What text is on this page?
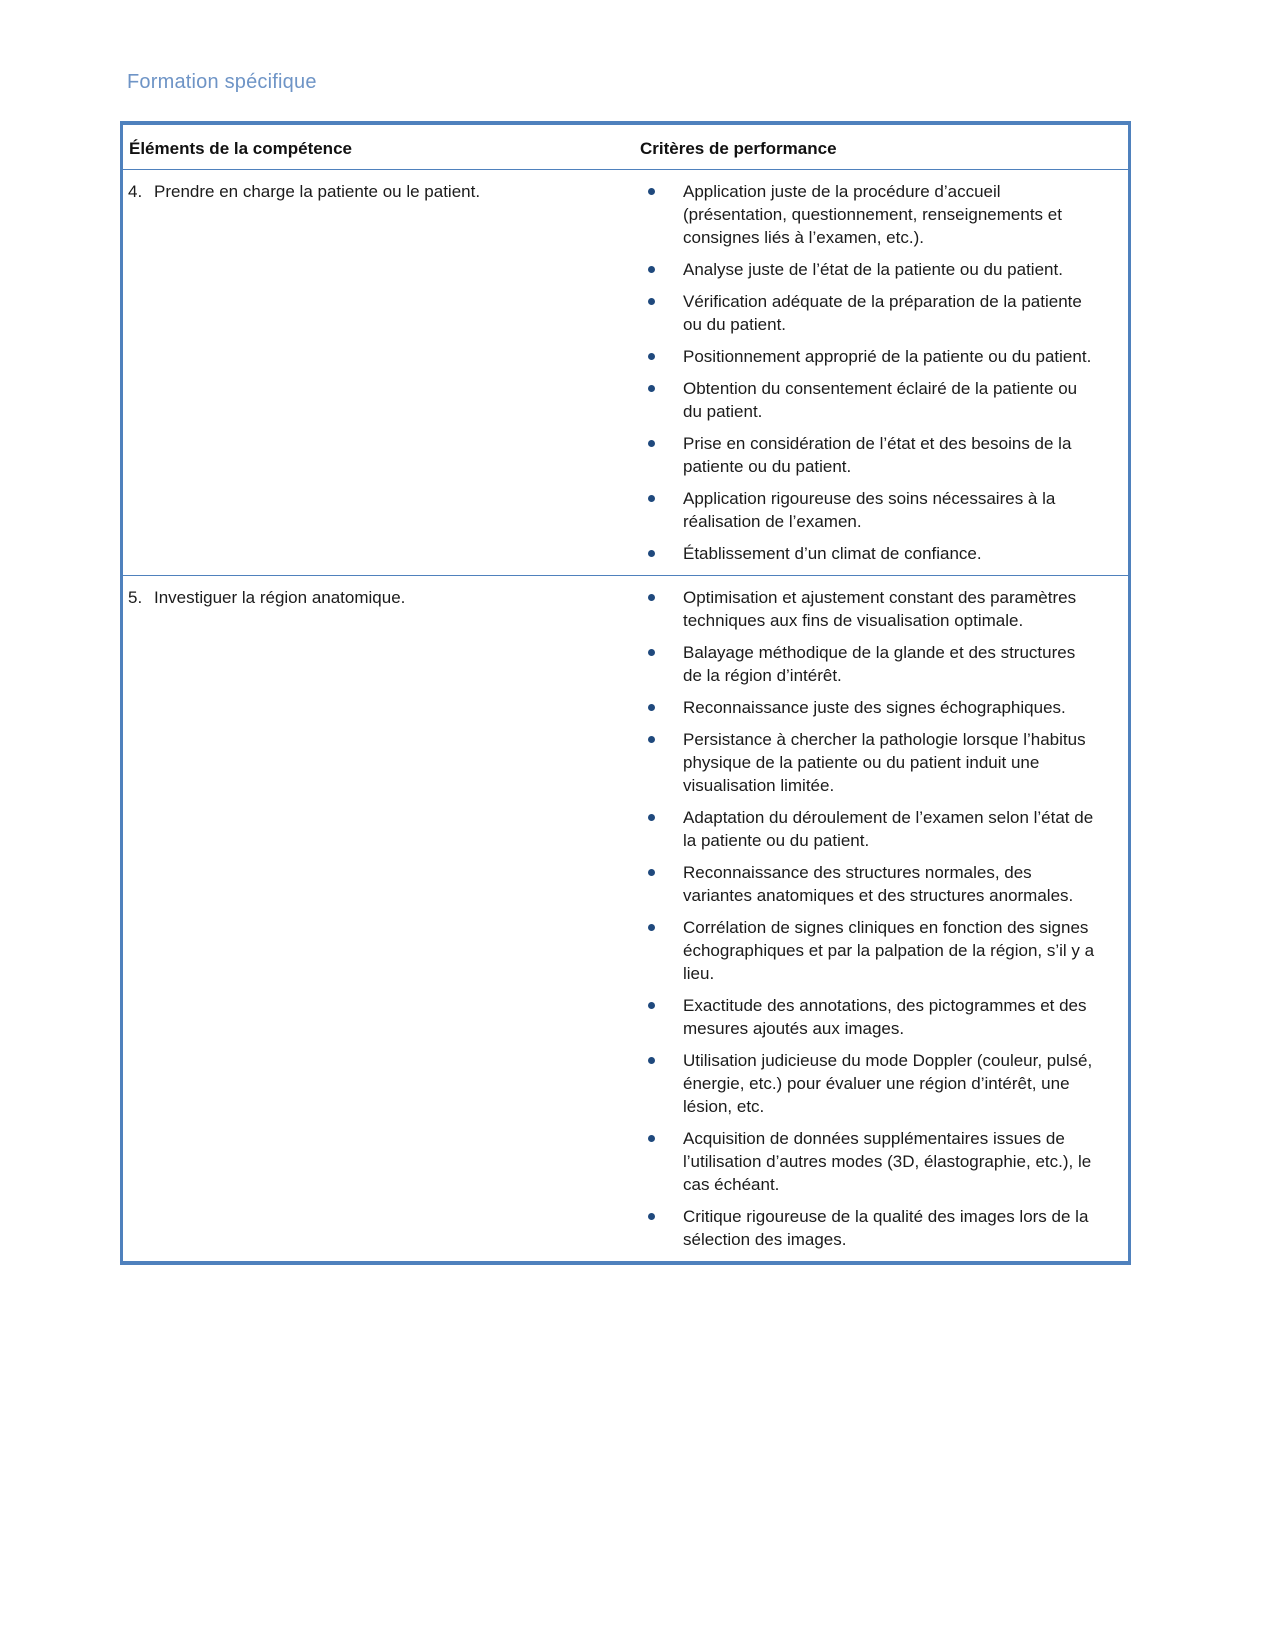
Formation spécifique
Éléments de la compétence	Critères de performance
4. Prendre en charge la patiente ou le patient.	Application juste de la procédure d’accueil (présentation, questionnement, renseignements et consignes liés à l’examen, etc.).
Analyse juste de l’état de la patiente ou du patient.
Vérification adéquate de la préparation de la patiente ou du patient.
Positionnement approprié de la patiente ou du patient.
Obtention du consentement éclairé de la patiente ou du patient.
Prise en considération de l’état et des besoins de la patiente ou du patient.
Application rigoureuse des soins nécessaires à la réalisation de l’examen.
Établissement d’un climat de confiance.
5. Investiguer la région anatomique.	Optimisation et ajustement constant des paramètres techniques aux fins de visualisation optimale.
Balayage méthodique de la glande et des structures de la région d’intérêt.
Reconnaissance juste des signes échographiques.
Persistance à chercher la pathologie lorsque l’habitus physique de la patiente ou du patient induit une visualisation limitée.
Adaptation du déroulement de l’examen selon l’état de la patiente ou du patient.
Reconnaissance des structures normales, des variantes anatomiques et des structures anormales.
Corrélation de signes cliniques en fonction des signes échographiques et par la palpation de la région, s’il y a lieu.
Exactitude des annotations, des pictogrammes et des mesures ajoutés aux images.
Utilisation judicieuse du mode Doppler (couleur, pulsé, énergie, etc.) pour évaluer une région d’intérêt, une lésion, etc.
Acquisition de données supplémentaires issues de l’utilisation d’autres modes (3D, élastographie, etc.), le cas échéant.
Critique rigoureuse de la qualité des images lors de la sélection des images.
